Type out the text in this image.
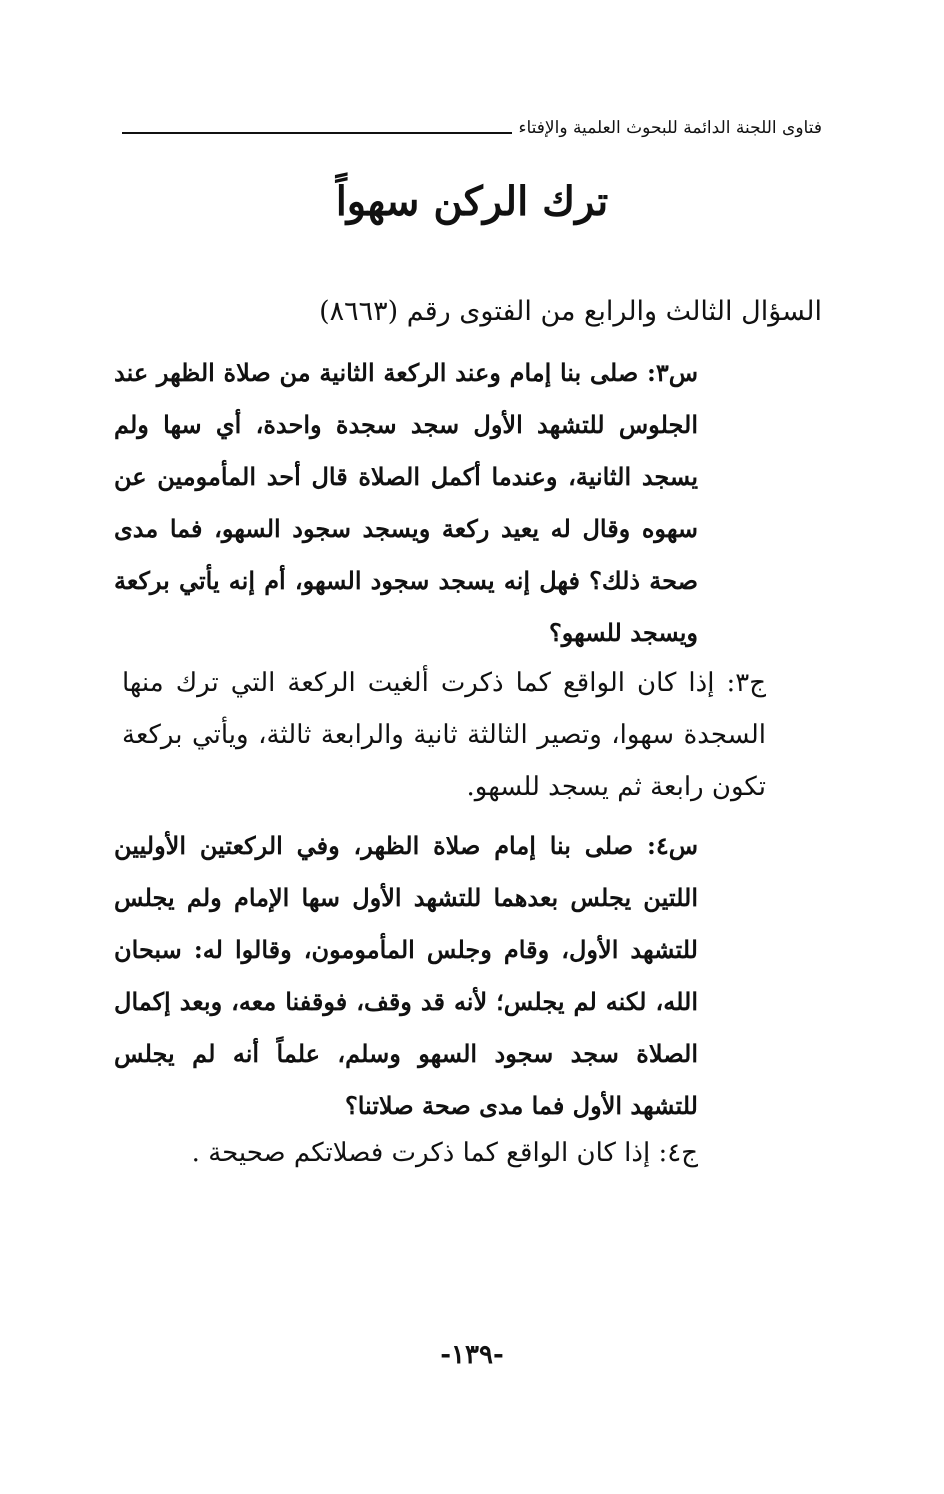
فتاوى اللجنة الدائمة للبحوث العلمية والإفتاء
ترك الركن سهواً
السؤال الثالث والرابع من الفتوى رقم (٨٦٦٣)
س٣: صلى بنا إمام وعند الركعة الثانية من صلاة الظهر عند الجلوس للتشهد الأول سجد سجدة واحدة، أي سها ولم يسجد الثانية، وعندما أكمل الصلاة قال أحد المأمومين عن سهوه وقال له يعيد ركعة ويسجد سجود السهو، فما مدى صحة ذلك؟ فهل إنه يسجد سجود السهو، أم إنه يأتي بركعة ويسجد للسهو؟
ج٣: إذا كان الواقع كما ذكرت ألغيت الركعة التي ترك منها السجدة سهوا، وتصير الثالثة ثانية والرابعة ثالثة، ويأتي بركعة تكون رابعة ثم يسجد للسهو.
س٤: صلى بنا إمام صلاة الظهر، وفي الركعتين الأوليين اللتين يجلس بعدهما للتشهد الأول سها الإمام ولم يجلس للتشهد الأول، وقام وجلس المأمومون، وقالوا له: سبحان الله، لكنه لم يجلس؛ لأنه قد وقف، فوقفنا معه، وبعد إكمال الصلاة سجد سجود السهو وسلم، علماً أنه لم يجلس للتشهد الأول فما مدى صحة صلاتنا؟
ج٤: إذا كان الواقع كما ذكرت فصلاتكم صحيحة .
-١٣٩-
